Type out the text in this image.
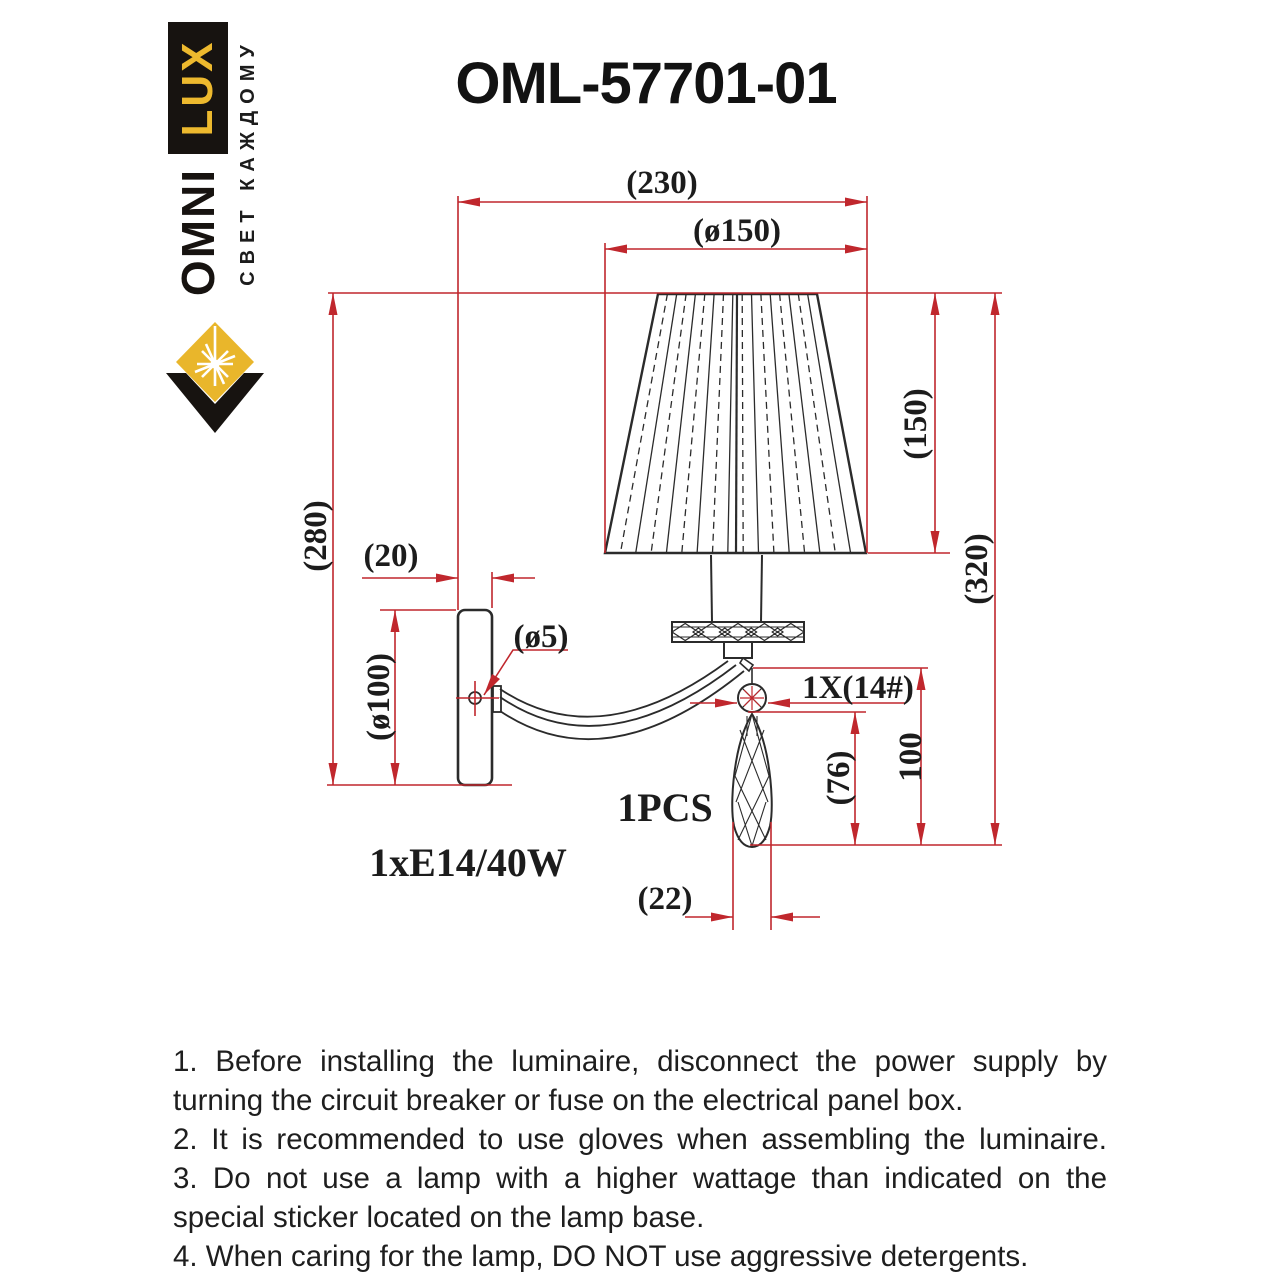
LUX
OMNI СВЕТ КАЖДОМУ	OML-57701-01
(230)
(ø150)
(280) (20)
(ø100)
(ø5)
(150)
(320)
1X(14#)
(76) 100
(22)
1PCS
1xE14/40W
1. Before installing the luminaire, disconnect the power supply by
turning the circuit breaker or fuse on the electrical panel box.
2. It is recommended to use gloves when assembling the luminaire.
3. Do not use a lamp with a higher wattage than indicated on the
special sticker located on the lamp base.
4. When caring for the lamp, DO NOT use aggressive detergents.
